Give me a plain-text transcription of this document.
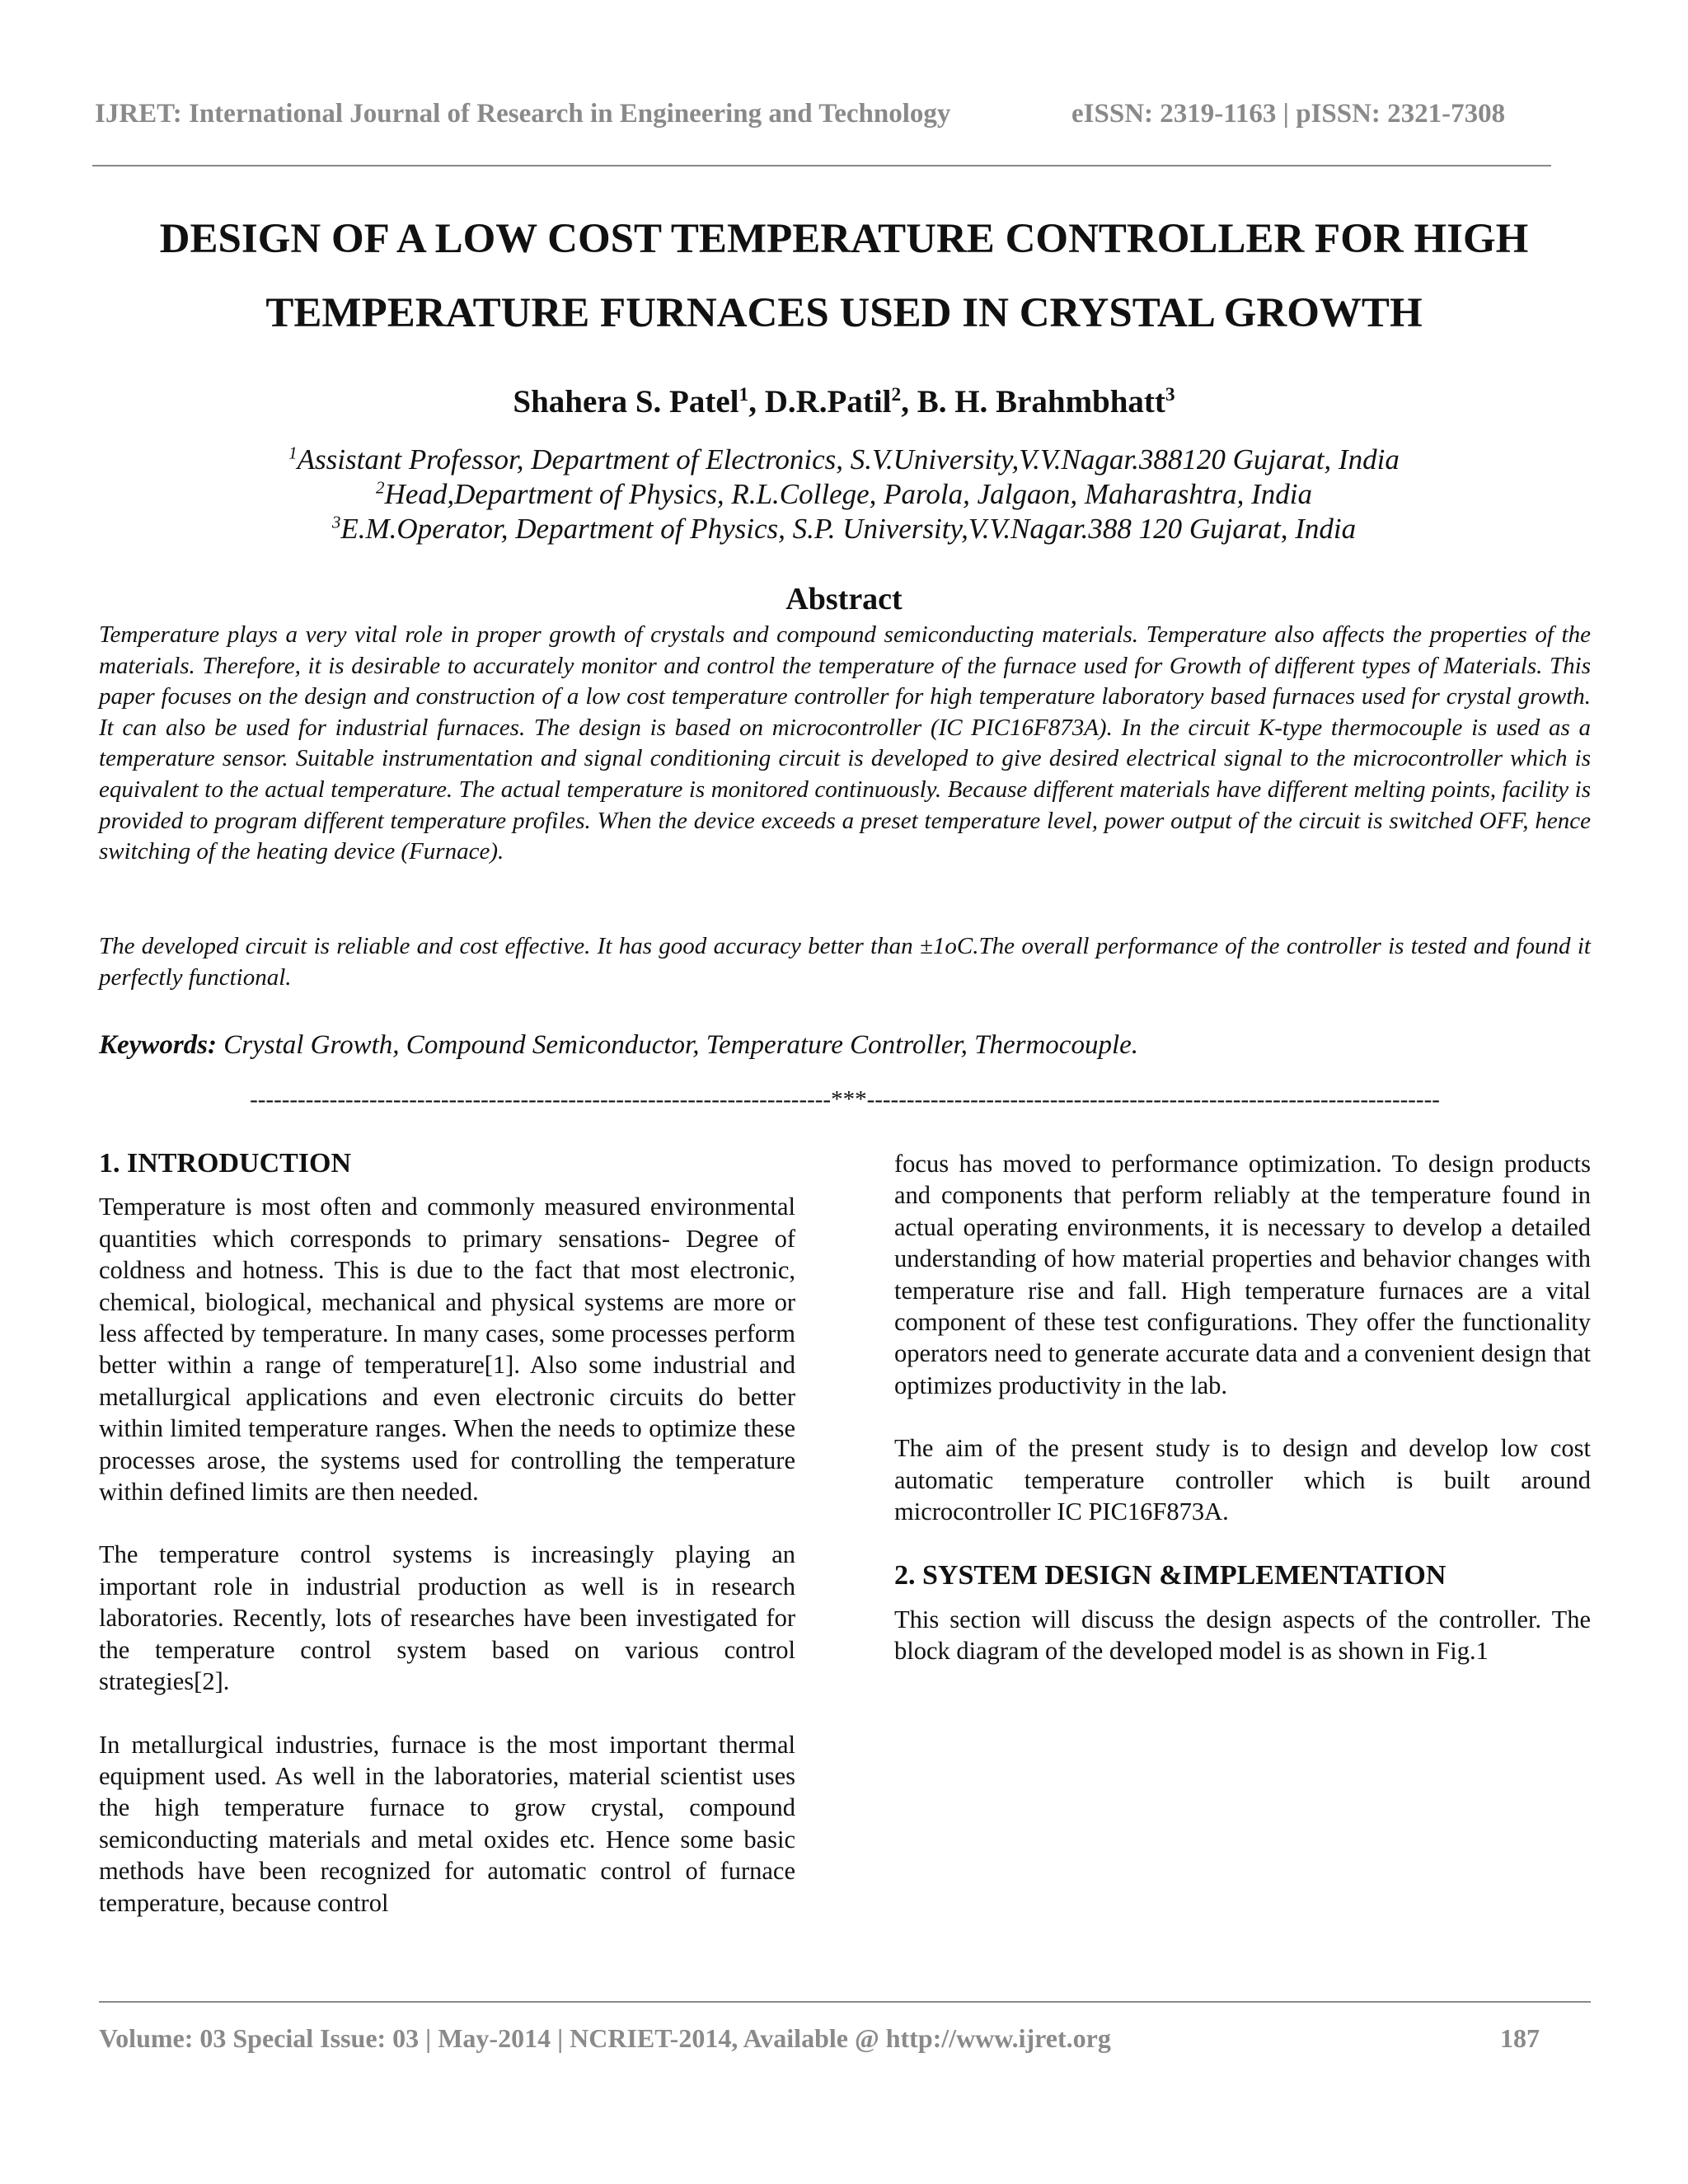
IJRET: International Journal of Research in Engineering and Technology	eISSN: 2319-1163 | pISSN: 2321-7308
DESIGN OF A LOW COST TEMPERATURE CONTROLLER FOR HIGH
TEMPERATURE FURNACES USED IN CRYSTAL GROWTH
Shahera S. Patel$^1$, D.R.Patil$^2$, B. H. Brahmbhatt$^3$
$^1$Assistant Professor, Department of Electronics, S.V.University,V.V.Nagar.388120 Gujarat, India
$^2$Head,Department of Physics, R.L.College, Parola, Jalgaon, Maharashtra, India
$^3$E.M.Operator, Department of Physics, S.P. University,V.V.Nagar.388 120 Gujarat, India
Abstract

Temperature plays a very vital role in proper growth of crystals and compound semiconducting materials. Temperature also affects the properties of the materials. Therefore, it is desirable to accurately monitor and control the temperature of the furnace used for Growth of different types of Materials. This paper focuses on the design and construction of a low cost temperature controller for high temperature laboratory based furnaces used for crystal growth. It can also be used for industrial furnaces. The design is based on microcontroller (IC PIC16F873A). In the circuit K-type thermocouple is used as a temperature sensor. Suitable instrumentation and signal conditioning circuit is developed to give desired electrical signal to the microcontroller which is equivalent to the actual temperature. The actual temperature is monitored continuously. Because different materials have different melting points, facility is provided to program different temperature profiles. When the device exceeds a preset temperature level, power output of the circuit is switched OFF, hence switching of the heating device (Furnace).

The developed circuit is reliable and cost effective. It has good accuracy better than ±1oC.The overall performance of the controller is tested and found it perfectly functional.

Keywords: Crystal Growth, Compound Semiconductor, Temperature Controller, Thermocouple.
-------------------------------------------------------------------------***------------------------------------------------------------------------
1. INTRODUCTION

Temperature is most often and commonly measured environmental quantities which corresponds to primary sensations- Degree of coldness and hotness. This is due to the fact that most electronic, chemical, biological, mechanical and physical systems are more or less affected by temperature. In many cases, some processes perform better within a range of temperature[1]. Also some industrial and metallurgical applications and even electronic circuits do better within limited temperature ranges. When the needs to optimize these processes arose, the systems used for controlling the temperature within defined limits are then needed.

The temperature control systems is increasingly playing an important role in industrial production as well is in research laboratories. Recently, lots of researches have been investigated for the temperature control system based on various control strategies[2].

In metallurgical industries, furnace is the most important thermal equipment used. As well in the laboratories, material scientist uses the high temperature furnace to grow crystal, compound semiconducting materials and metal oxides etc. Hence some basic methods have been recognized for automatic control of furnace temperature, because control

focus has moved to performance optimization. To design products and components that perform reliably at the temperature found in actual operating environments, it is necessary to develop a detailed understanding of how material properties and behavior changes with temperature rise and fall. High temperature furnaces are a vital component of these test configurations. They offer the functionality operators need to generate accurate data and a convenient design that optimizes productivity in the lab.

The aim of the present study is to design and develop low cost automatic temperature controller which is built around microcontroller IC PIC16F873A.

2. SYSTEM DESIGN &IMPLEMENTATION

This section will discuss the design aspects of the controller. The block diagram of the developed model is as shown in Fig.1

Volume: 03 Special Issue: 03 | May-2014 | NCRIET-2014, Available @ http://www.ijret.org	187
